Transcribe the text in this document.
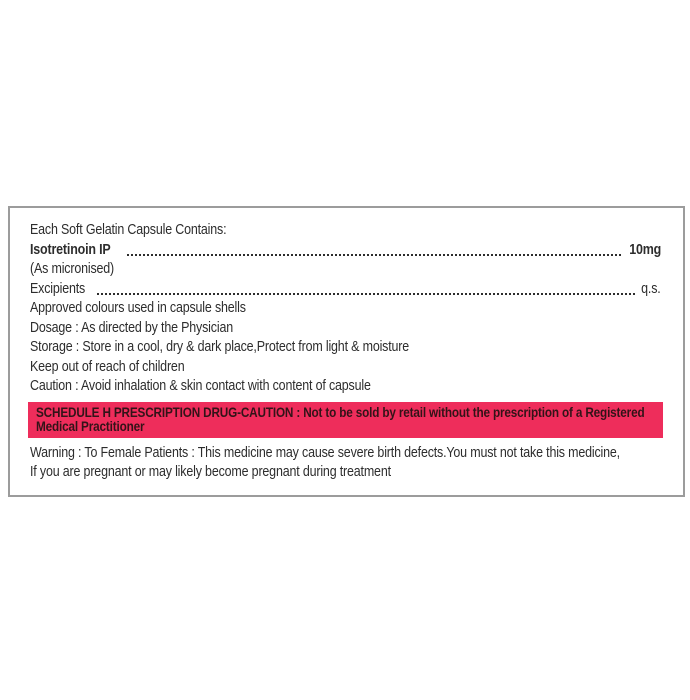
Each Soft Gelatin Capsule Contains:
Isotretinoin IP	10mg
(As micronised)
Excipients	q.s.
Approved colours used in capsule shells
Dosage : As directed by the Physician
Storage : Store in a cool, dry & dark place,Protect from light & moisture
Keep out of reach of children
Caution : Avoid inhalation & skin contact with content of capsule
SCHEDULE H PRESCRIPTION DRUG-CAUTION : Not to be sold by retail without the prescription of a Registered
Medical Practitioner
Warning : To Female Patients : This medicine may cause severe birth defects.You must not take this medicine,
If you are pregnant or may likely become pregnant during treatment
